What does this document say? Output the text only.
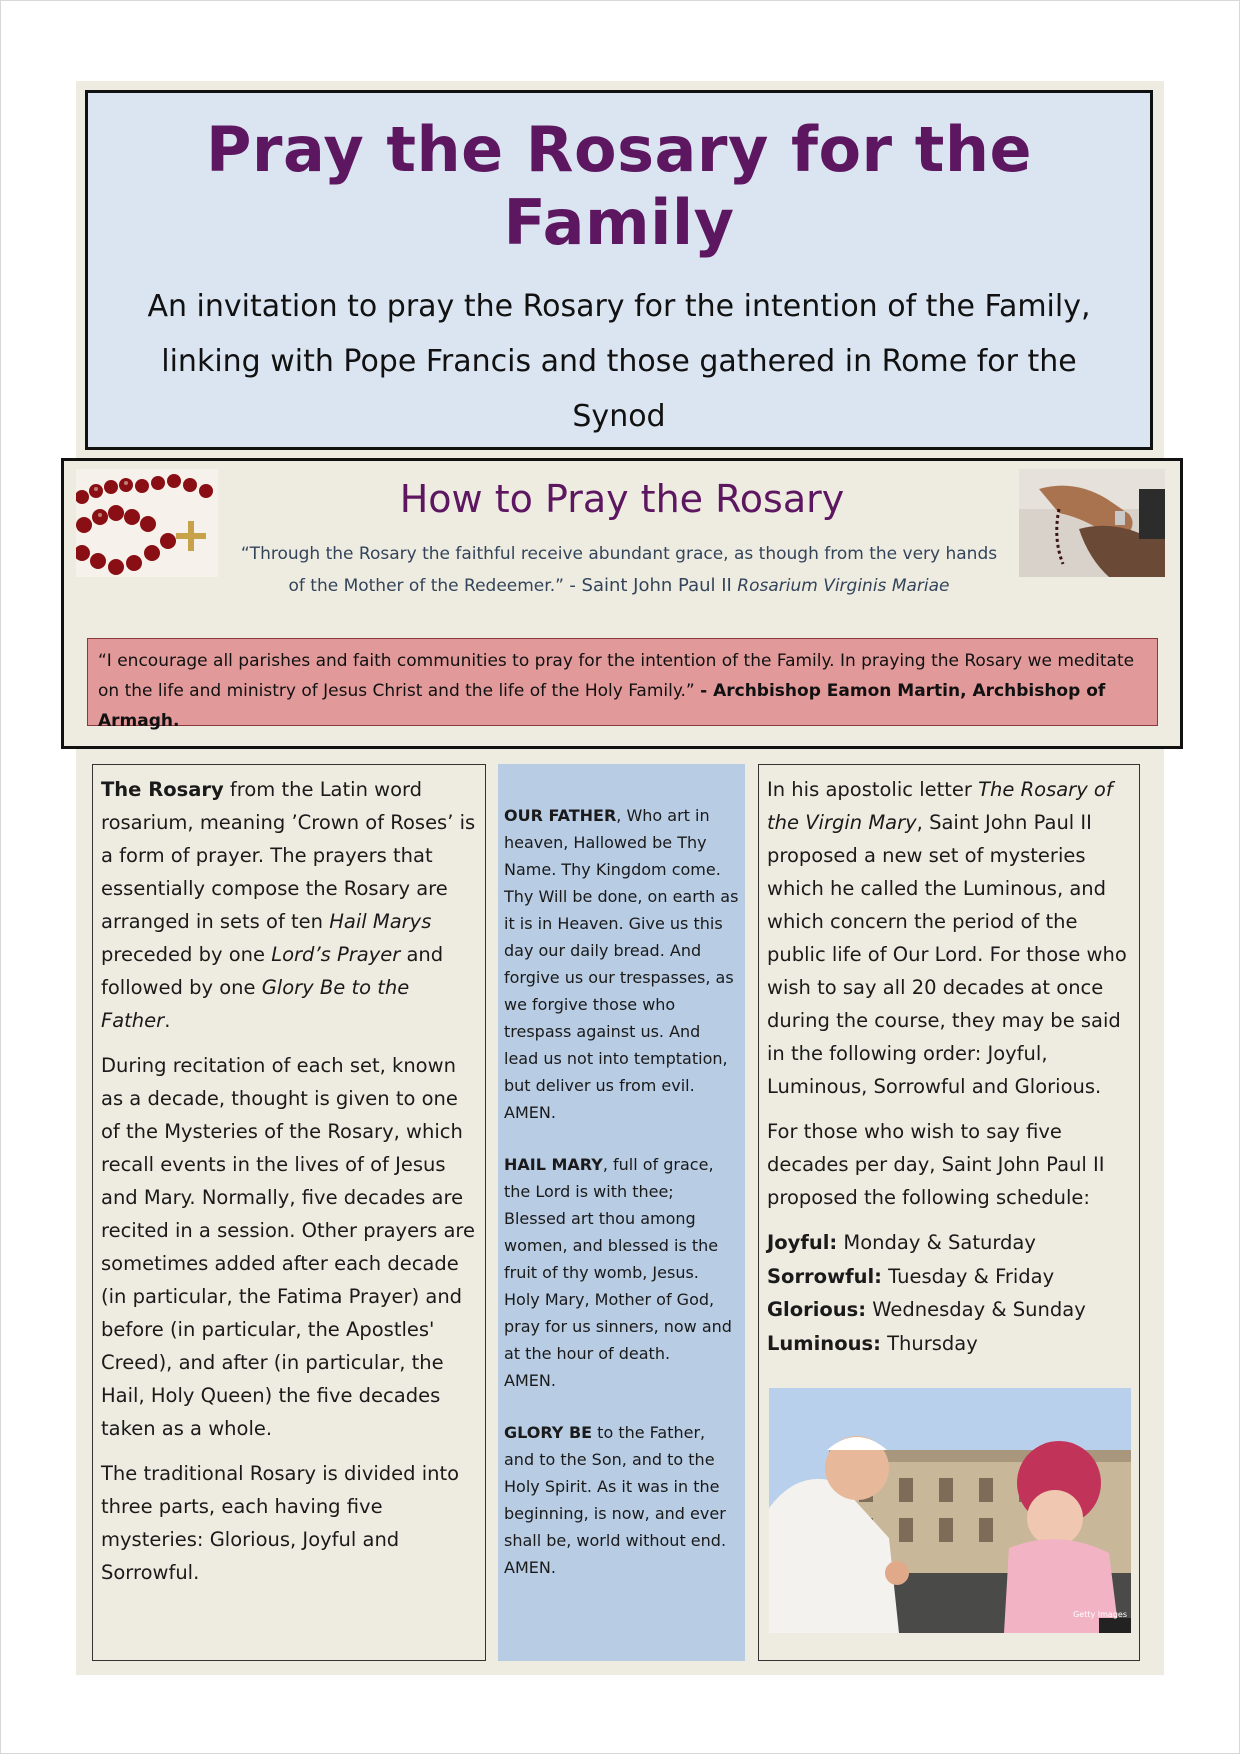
Pray the Rosary for the Family
An invitation to pray the Rosary for the intention of the Family,
linking with Pope Francis and those gathered in Rome for the Synod
How to Pray the Rosary
“Through the Rosary the faithful receive abundant grace, as though from the very hands of the Mother of the Redeemer.” - Saint John Paul II Rosarium Virginis Mariae
“I encourage all parishes and faith communities to pray for the intention of the Family. In praying the Rosary we meditate on the life and ministry of Jesus Christ and the life of the Holy Family.” - Archbishop Eamon Martin, Archbishop of Armagh.

The Rosary from the Latin word rosarium, meaning ’Crown of Roses’ is a form of prayer. The prayers that essentially compose the Rosary are arranged in sets of ten Hail Marys preceded by one Lord’s Prayer and followed by one Glory Be to the Father.

During recitation of each set, known as a decade, thought is given to one of the Mysteries of the Rosary, which recall events in the lives of of Jesus and Mary. Normally, five decades are recited in a session. Other prayers are sometimes added after each decade (in particular, the Fatima Prayer) and before (in particular, the Apostles' Creed), and after (in particular, the Hail, Holy Queen) the five decades taken as a whole.

The traditional Rosary is divided into three parts, each having five mysteries: Glorious, Joyful and Sorrowful.

OUR FATHER, Who art in heaven, Hallowed be Thy Name. Thy Kingdom come. Thy Will be done, on earth as it is in Heaven. Give us this day our daily bread. And forgive us our trespasses, as we forgive those who trespass against us. And lead us not into temptation, but deliver us from evil.
AMEN.

HAIL MARY, full of grace, the Lord is with thee; Blessed art thou among women, and blessed is the fruit of thy womb, Jesus. Holy Mary, Mother of God, pray for us sinners, now and at the hour of death.
AMEN.

GLORY BE to the Father, and to the Son, and to the Holy Spirit. As it was in the beginning, is now, and ever shall be, world without end.
AMEN.

In his apostolic letter The Rosary of the Virgin Mary, Saint John Paul II proposed a new set of mysteries which he called the Luminous, and which concern the period of the public life of Our Lord. For those who wish to say all 20 decades at once during the course, they may be said in the following order: Joyful, Luminous, Sorrowful and Glorious.

For those who wish to say five decades per day, Saint John Paul II proposed the following schedule:

Joyful: Monday & Saturday
Sorrowful: Tuesday & Friday
Glorious: Wednesday & Sunday
Luminous: Thursday
Getty Images
